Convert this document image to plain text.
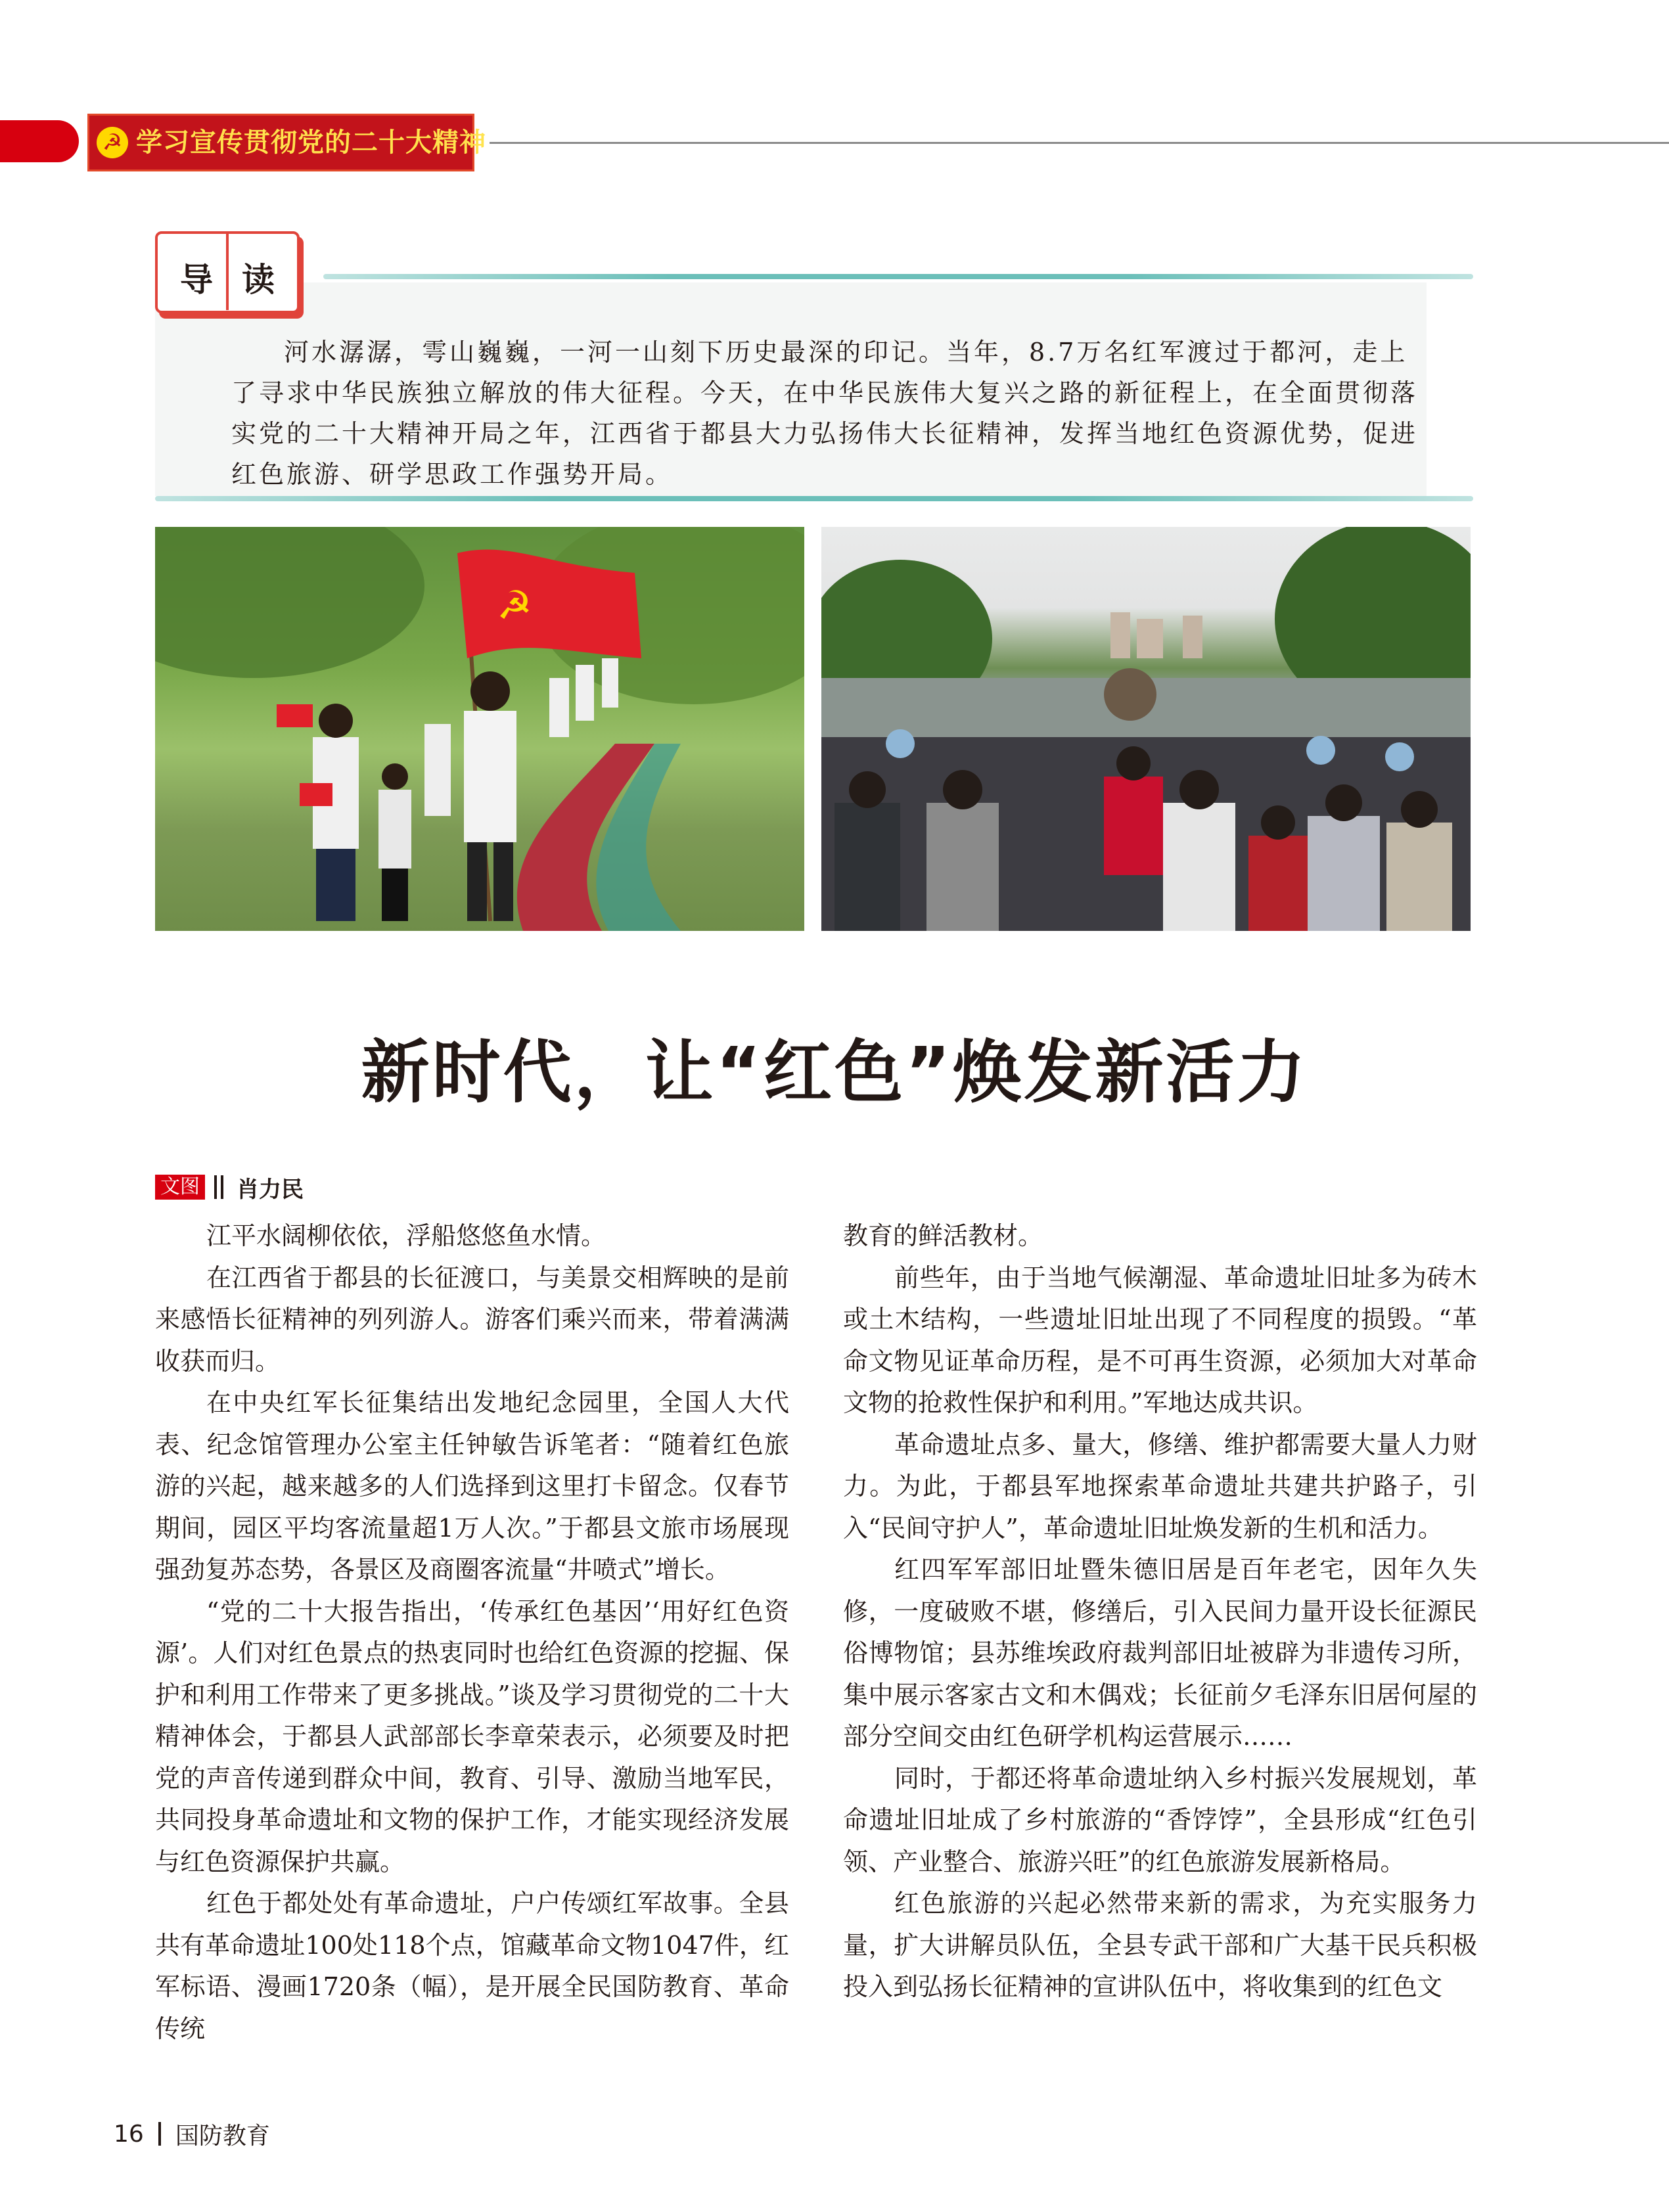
☭ 学习宣传贯彻党的二十大精神
导 读

河水潺潺，雩山巍巍，一河一山刻下历史最深的印记。当年，8.7万名红军渡过于都河，走上了寻求中华民族独立解放的伟大征程。今天，在中华民族伟大复兴之路的新征程上，在全面贯彻落实党的二十大精神开局之年，江西省于都县大力弘扬伟大长征精神，发挥当地红色资源优势，促进红色旅游、研学思政工作强势开局。

☭
新时代，让“红色”焕发新活力
文图 肖力民

江平水阔柳依依，浮船悠悠鱼水情。

在江西省于都县的长征渡口，与美景交相辉映的是前来感悟长征精神的列列游人。游客们乘兴而来，带着满满收获而归。

在中央红军长征集结出发地纪念园里，全国人大代表、纪念馆管理办公室主任钟敏告诉笔者：“随着红色旅游的兴起，越来越多的人们选择到这里打卡留念。仅春节期间，园区平均客流量超1万人次。”于都县文旅市场展现强劲复苏态势，各景区及商圈客流量“井喷式”增长。

“党的二十大报告指出，‘传承红色基因’‘用好红色资源’。人们对红色景点的热衷同时也给红色资源的挖掘、保护和利用工作带来了更多挑战。”谈及学习贯彻党的二十大精神体会，于都县人武部部长李章荣表示，必须要及时把党的声音传递到群众中间，教育、引导、激励当地军民，共同投身革命遗址和文物的保护工作，才能实现经济发展与红色资源保护共赢。

红色于都处处有革命遗址，户户传颂红军故事。全县共有革命遗址100处118个点，馆藏革命文物1047件，红军标语、漫画1720条（幅），是开展全民国防教育、革命传统

教育的鲜活教材。

前些年，由于当地气候潮湿、革命遗址旧址多为砖木或土木结构，一些遗址旧址出现了不同程度的损毁。“革命文物见证革命历程，是不可再生资源，必须加大对革命文物的抢救性保护和利用。”军地达成共识。

革命遗址点多、量大，修缮、维护都需要大量人力财力。为此，于都县军地探索革命遗址共建共护路子，引入“民间守护人”，革命遗址旧址焕发新的生机和活力。

红四军军部旧址暨朱德旧居是百年老宅，因年久失修，一度破败不堪，修缮后，引入民间力量开设长征源民俗博物馆；县苏维埃政府裁判部旧址被辟为非遗传习所，集中展示客家古文和木偶戏；长征前夕毛泽东旧居何屋的部分空间交由红色研学机构运营展示……

同时，于都还将革命遗址纳入乡村振兴发展规划，革命遗址旧址成了乡村旅游的“香饽饽”，全县形成“红色引领、产业整合、旅游兴旺”的红色旅游发展新格局。

红色旅游的兴起必然带来新的需求，为充实服务力量，扩大讲解员队伍，全县专武干部和广大基干民兵积极投入到弘扬长征精神的宣讲队伍中，将收集到的红色文

16 国防教育
